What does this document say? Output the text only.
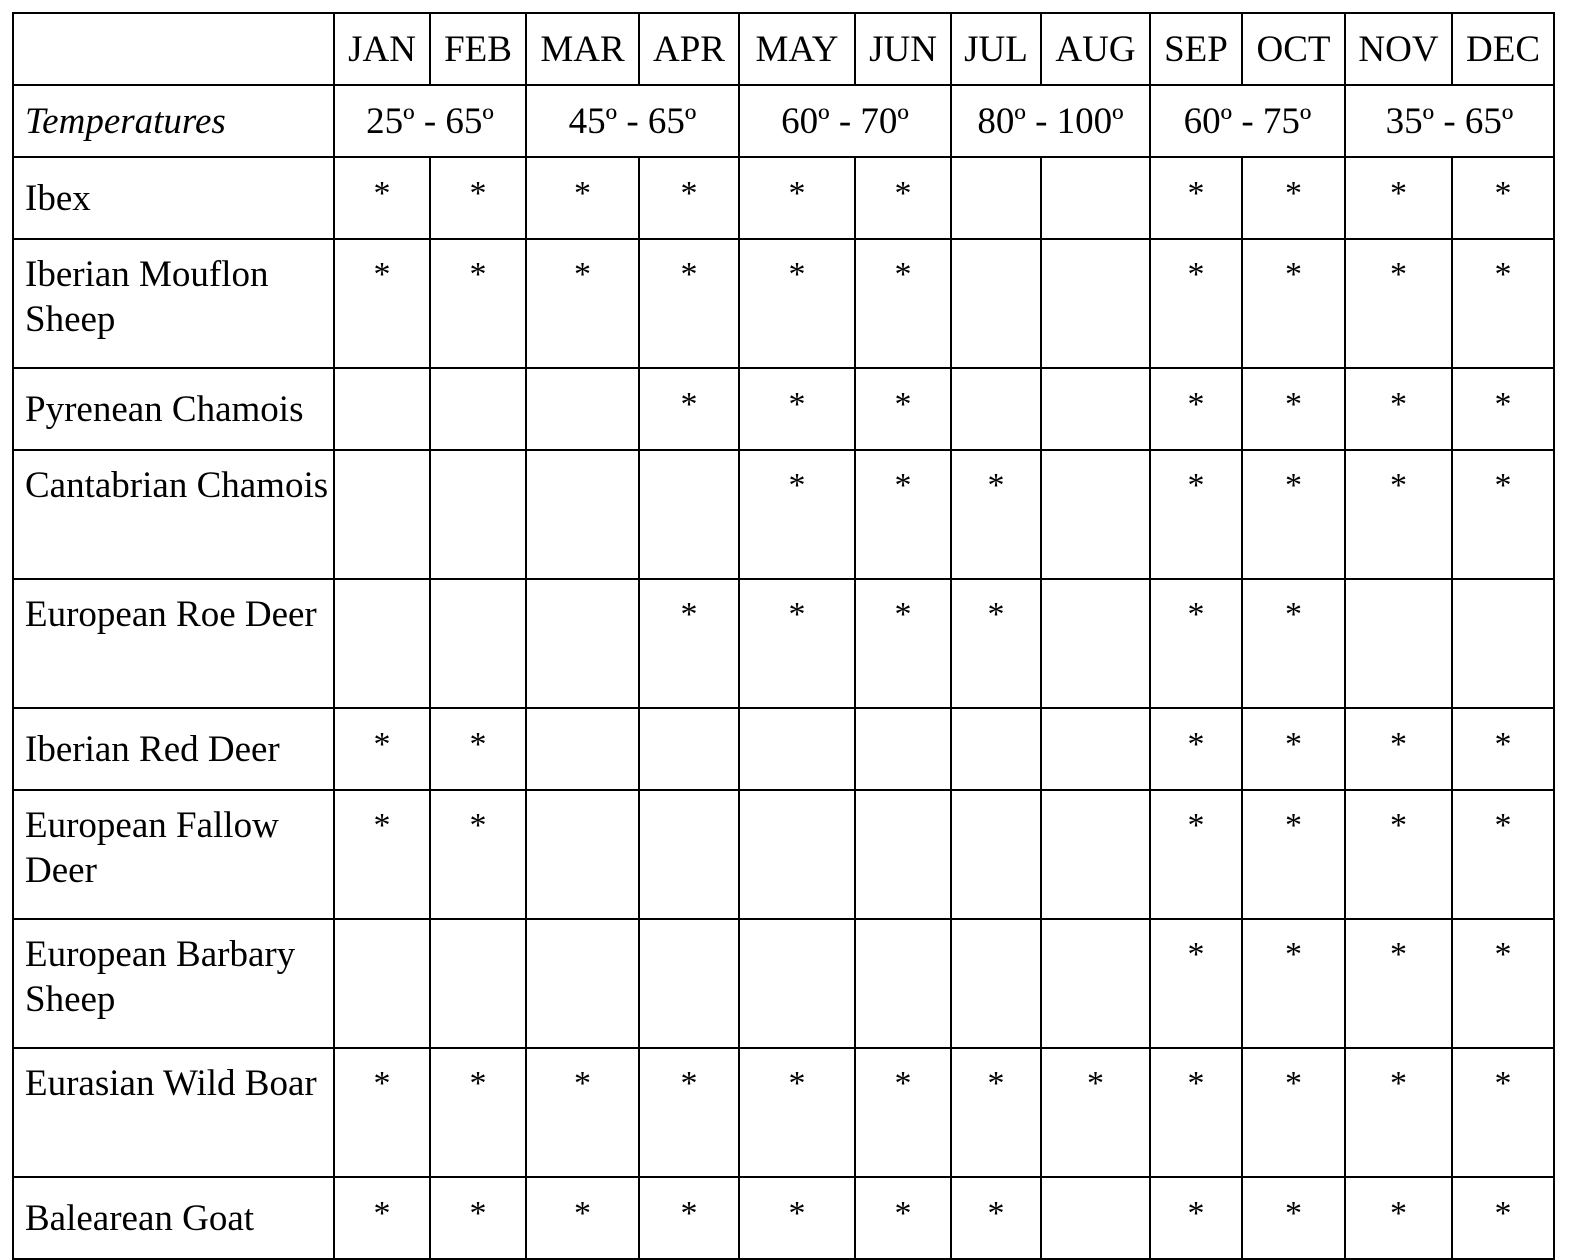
	JAN	FEB	MAR	APR	MAY	JUN	JUL	AUG	SEP	OCT	NOV	DEC
Temperatures	25º - 65º		45º - 65º		60º - 70º		80º - 100º		60º - 75º		35º - 65º	
Ibex	*	*	*	*	*	*			*	*	*	*
Iberian Mouflon Sheep	*	*	*	*	*	*			*	*	*	*
Pyrenean Chamois				*	*	*			*	*	*	*
Cantabrian Chamois					*	*	*		*	*	*	*
European Roe Deer				*	*	*	*		*	*		
Iberian Red Deer	*	*							*	*	*	*
European Fallow Deer	*	*							*	*	*	*
European Barbary Sheep									*	*	*	*
Eurasian Wild Boar	*	*	*	*	*	*	*	*	*	*	*	*
Balearean Goat	*	*	*	*	*	*	*		*	*	*	*
